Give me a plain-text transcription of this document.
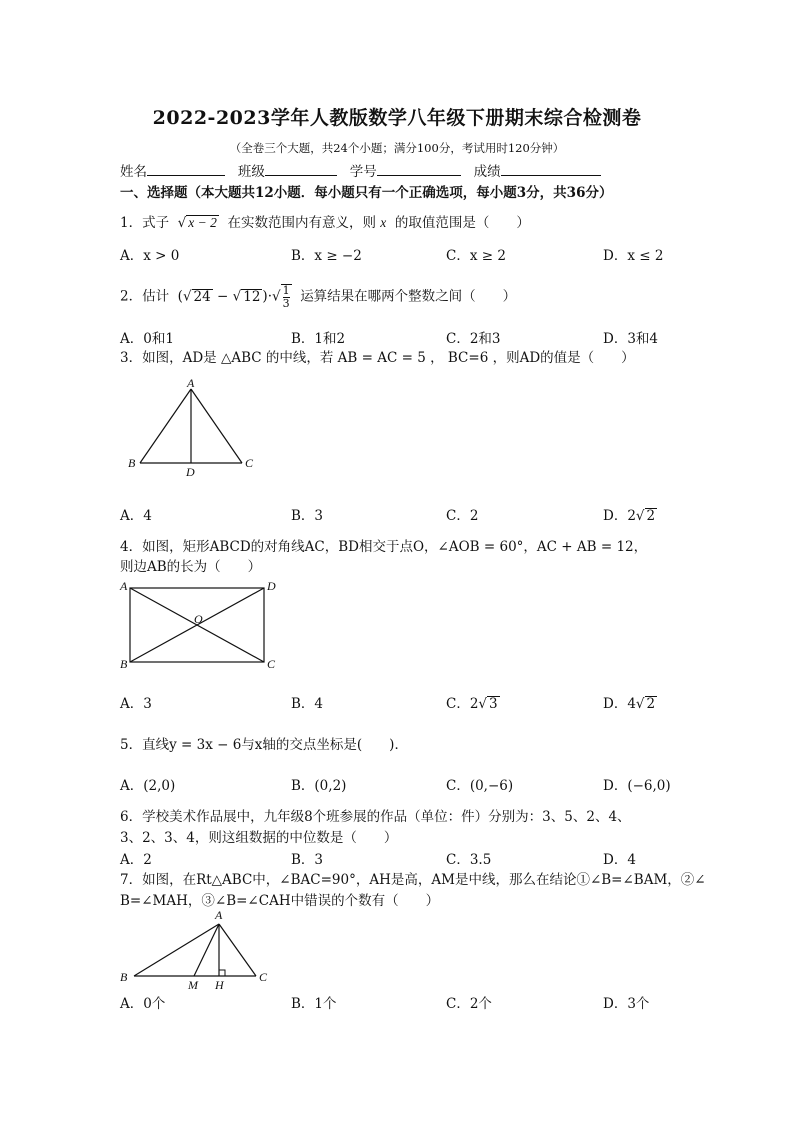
2022-2023学年人教版数学八年级下册期末综合检测卷
（全卷三个大题，共24个小题；满分100分，考试用时120分钟）
姓名	班级	学号	成绩
一、选择题（本大题共12小题．每小题只有一个正确选项，每小题3分，共36分）
1．式子  √ x − 2 在实数范围内有意义，则 x 的取值范围是（　　）
A．x > 0	B．x ≥ −2	C．x ≥ 2	D．x ≤ 2
2．估计  (√ 24 − √ 12 )$\cdot√\frac{1}{3}$ 运算结果在哪两个整数之间（　　）
A．0和1	B．1和2	C．2和3	D．3和4
3．如图，AD是 △ABC 的中线，若 AB = AC = 5 ， BC=6 ，则AD的值是（　　）
A
B
D
C
A．4	B．3	C．2	D．2√ 2
4．如图，矩形ABCD的对角线AC，BD相交于点O，∠AOB = 60°，AC + AB = 12，
则边AB的长为（　　）
A	D
O
B	C
A．3	B．4	C．2√ 3	D．4√ 2
5．直线y = 3x − 6与x轴的交点坐标是(　　)．
A．(2,0)	B．(0,2)	C．(0,−6)	D．(−6,0)
6．学校美术作品展中，九年级8个班参展的作品（单位：件）分别为：3、5、2、4、
3、2、3、4，则这组数据的中位数是（　　）
A．2	B．3	C．3.5	D．4
7．如图，在Rt△ABC中，∠BAC=90°，AH是高，AM是中线，那么在结论①∠B=∠BAM，②∠
B=∠MAH，③∠B=∠CAH中错误的个数有（　　）
A
B
M H
C
A．0个	B．1个	C．2个	D．3个
